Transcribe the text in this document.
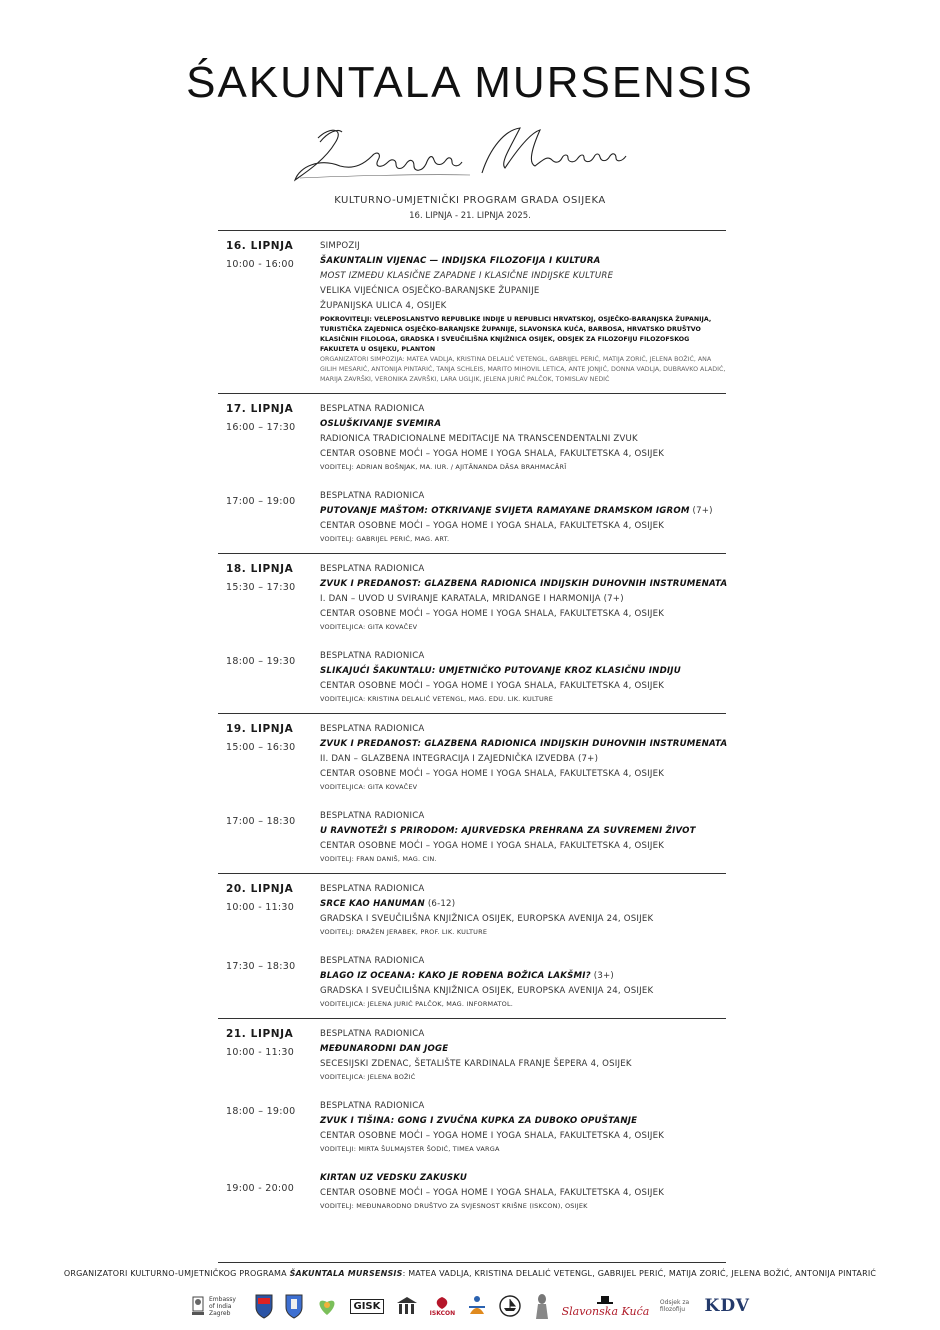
ŚAKUNTALA MURSENSIS
KULTURNO-UMJETNIČKI PROGRAM GRADA OSIJEKA
16. LIPNJA - 21. LIPNJA 2025.
16. LIPNJA
10:00 - 16:00
SIMPOZIJ
ŠAKUNTALIN VIJENAC — INDIJSKA FILOZOFIJA I KULTURA
MOST IZMEĐU KLASIČNE ZAPADNE I KLASIČNE INDIJSKE KULTURE
VELIKA VIJEĆNICA OSJEČKO-BARANJSKE ŽUPANIJE
ŽUPANIJSKA ULICA 4, OSIJEK
POKROVITELJI: VELEPOSLANSTVO REPUBLIKE INDIJE U REPUBLICI HRVATSKOJ, OSJEČKO-BARANJSKA ŽUPANIJA, TURISTIČKA ZAJEDNICA OSJEČKO-BARANJSKE ŽUPANIJE, SLAVONSKA KUĆA, BARBOSA, HRVATSKO DRUŠTVO KLASIČNIH FILOLOGA, GRADSKA I SVEUČILIŠNA KNJIŽNICA OSIJEK, ODSJEK ZA FILOZOFIJU FILOZOFSKOG FAKULTETA U OSIJEKU, PLANTON
ORGANIZATORI SIMPOZIJA: MATEA VADLJA, KRISTINA DELALIĆ VETENGL, GABRIJEL PERIĆ, MATIJA ZORIĆ, JELENA BOŽIĆ, ANA GILIH MESARIĆ, ANTONIJA PINTARIĆ, TANJA SCHLEIS, MARITO MIHOVIL LETICA, ANTE JONJIĆ, DONNA VADLJA, DUBRAVKO ALADIĆ, MARIJA ZAVRŠKI, VERONIKA ZAVRŠKI, LARA UGLJIK, JELENA JURIĆ PALČOK, TOMISLAV NEDIĆ
17. LIPNJA
16:00 – 17:30
BESPLATNA RADIONICA
OSLUŠKIVANJE SVEMIRA
RADIONICA TRADICIONALNE MEDITACIJE NA TRANSCENDENTALNI ZVUK
CENTAR OSOBNE MOĆI – YOGA HOME I YOGA SHALA, FAKULTETSKA 4, OSIJEK
VODITELJ: ADRIAN BOŠNJAK, MA. IUR. / AJITĀNANDA DĀSA BRAHMACĀRĪ
17:00 – 19:00	BESPLATNA RADIONICA
PUTOVANJE MAŠTOM: OTKRIVANJE SVIJETA RAMAYANE DRAMSKOM IGROM (7+)
CENTAR OSOBNE MOĆI – YOGA HOME I YOGA SHALA, FAKULTETSKA 4, OSIJEK
VODITELJ: GABRIJEL PERIĆ, MAG. ART.
18. LIPNJA
15:30 – 17:30
BESPLATNA RADIONICA
ZVUK I PREDANOST: GLAZBENA RADIONICA INDIJSKIH DUHOVNIH INSTRUMENATA
I. DAN – UVOD U SVIRANJE KARATALA, MRIDANGE I HARMONIJA (7+)
CENTAR OSOBNE MOĆI – YOGA HOME I YOGA SHALA, FAKULTETSKA 4, OSIJEK
VODITELJICA: GITA KOVAČEV
18:00 – 19:30	BESPLATNA RADIONICA
SLIKAJUĆI ŠAKUNTALU: UMJETNIČKO PUTOVANJE KROZ KLASIČNU INDIJU
CENTAR OSOBNE MOĆI – YOGA HOME I YOGA SHALA, FAKULTETSKA 4, OSIJEK
VODITELJICA: KRISTINA DELALIĆ VETENGL, MAG. EDU. LIK. KULTURE
19. LIPNJA
15:00 – 16:30
BESPLATNA RADIONICA
ZVUK I PREDANOST: GLAZBENA RADIONICA INDIJSKIH DUHOVNIH INSTRUMENATA
II. DAN – GLAZBENA INTEGRACIJA I ZAJEDNIČKA IZVEDBA (7+)
CENTAR OSOBNE MOĆI – YOGA HOME I YOGA SHALA, FAKULTETSKA 4, OSIJEK
VODITELJICA: GITA KOVAČEV
17:00 – 18:30	BESPLATNA RADIONICA
U RAVNOTEŽI S PRIRODOM: AJURVEDSKA PREHRANA ZA SUVREMENI ŽIVOT
CENTAR OSOBNE MOĆI – YOGA HOME I YOGA SHALA, FAKULTETSKA 4, OSIJEK
VODITELJ: FRAN DANIŠ, MAG. CIN.
20. LIPNJA
10:00 - 11:30
BESPLATNA RADIONICA
SRCE KAO HANUMAN (6-12)
GRADSKA I SVEUČILIŠNA KNJIŽNICA OSIJEK, EUROPSKA AVENIJA 24, OSIJEK
VODITELJ: DRAŽEN JERABEK, PROF. LIK. KULTURE
17:30 – 18:30	BESPLATNA RADIONICA
BLAGO IZ OCEANA: KAKO JE ROĐENA BOŽICA LAKŠMI? (3+)
GRADSKA I SVEUČILIŠNA KNJIŽNICA OSIJEK, EUROPSKA AVENIJA 24, OSIJEK
VODITELJICA: JELENA JURIĆ PALČOK, MAG. INFORMATOL.
21. LIPNJA
10:00 - 11:30
BESPLATNA RADIONICA
MEĐUNARODNI DAN JOGE
SECESIJSKI ZDENAC, ŠETALIŠTE KARDINALA FRANJE ŠEPERA 4, OSIJEK
VODITELJICA: JELENA BOŽIĆ
18:00 – 19:00	BESPLATNA RADIONICA
ZVUK I TIŠINA: GONG I ZVUČNA KUPKA ZA DUBOKO OPUŠTANJE
CENTAR OSOBNE MOĆI – YOGA HOME I YOGA SHALA, FAKULTETSKA 4, OSIJEK
VODITELJI: MIRTA ŠULMAJSTER ŠODIĆ, TIMEA VARGA
19:00 - 20:00
KIRTAN UZ VEDSKU ZAKUSKU
CENTAR OSOBNE MOĆI – YOGA HOME I YOGA SHALA, FAKULTETSKA 4, OSIJEK
VODITELJ: MEĐUNARODNO DRUŠTVO ZA SVJESNOST KRIŠNE (ISKCON), OSIJEK
ORGANIZATORI KULTURNO-UMJETNIČKOG PROGRAMA ŠAKUNTALA MURSENSIS: MATEA VADLJA, KRISTINA DELALIĆ VETENGL, GABRIJEL PERIĆ, MATIJA ZORIĆ, JELENA BOŽIĆ, ANTONIJA PINTARIĆ
Embassy of India Zagreb
GISK
ISKCON	Slavonska Kuća
Odsjek za filozofiju	KDV
